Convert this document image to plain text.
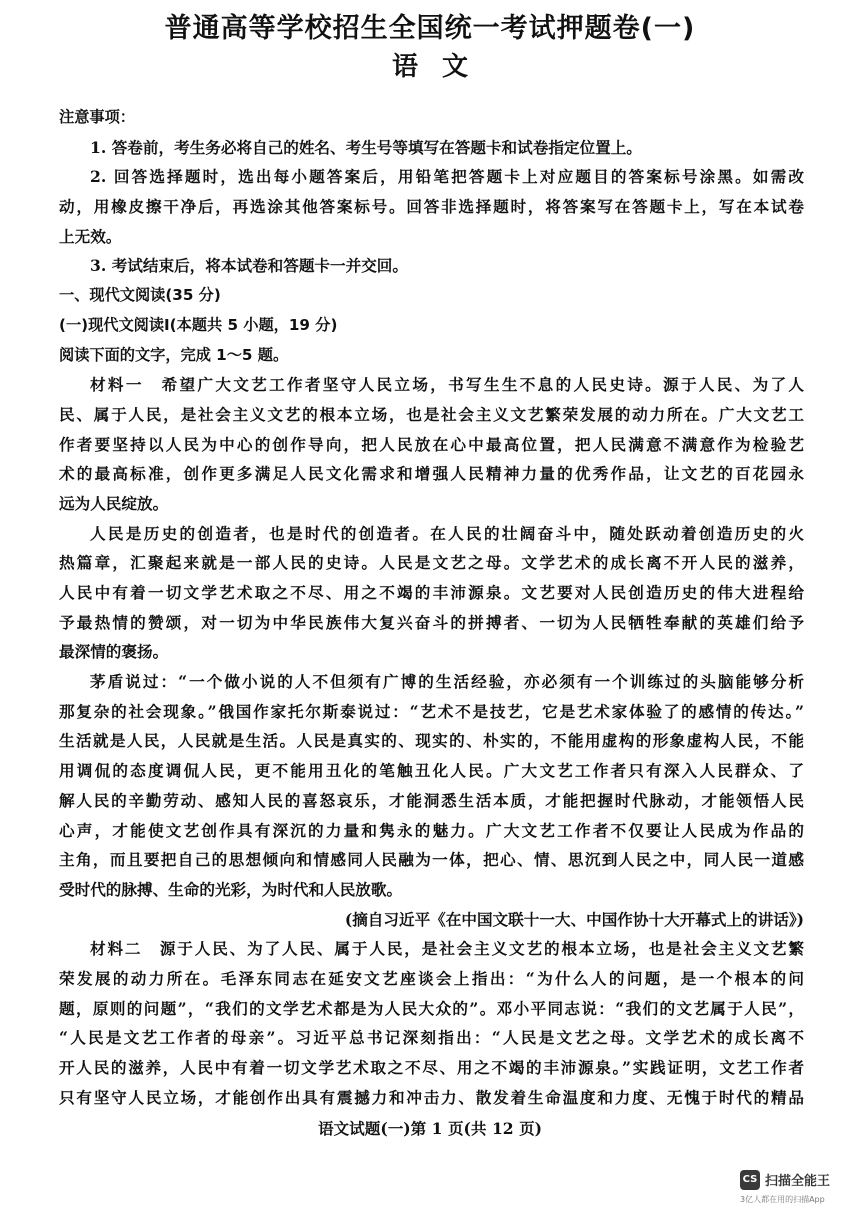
普通高等学校招生全国统一考试押题卷(一)
语文
注意事项：
1. 答卷前，考生务必将自己的姓名、考生号等填写在答题卡和试卷指定位置上。
2. 回答选择题时，选出每小题答案后，用铅笔把答题卡上对应题目的答案标号涂黑。如需改
动，用橡皮擦干净后，再选涂其他答案标号。回答非选择题时，将答案写在答题卡上，写在本试卷
上无效。
3. 考试结束后，将本试卷和答题卡一并交回。
一、现代文阅读(35 分)
(一)现代文阅读Ⅰ(本题共 5 小题，19 分)
阅读下面的文字，完成 1～5 题。
材料一　希望广大文艺工作者坚守人民立场，书写生生不息的人民史诗。源于人民、为了人
民、属于人民，是社会主义文艺的根本立场，也是社会主义文艺繁荣发展的动力所在。广大文艺工
作者要坚持以人民为中心的创作导向，把人民放在心中最高位置，把人民满意不满意作为检验艺
术的最高标准，创作更多满足人民文化需求和增强人民精神力量的优秀作品，让文艺的百花园永
远为人民绽放。
人民是历史的创造者，也是时代的创造者。在人民的壮阔奋斗中，随处跃动着创造历史的火
热篇章，汇聚起来就是一部人民的史诗。人民是文艺之母。文学艺术的成长离不开人民的滋养，
人民中有着一切文学艺术取之不尽、用之不竭的丰沛源泉。文艺要对人民创造历史的伟大进程给
予最热情的赞颂，对一切为中华民族伟大复兴奋斗的拼搏者、一切为人民牺牲奉献的英雄们给予
最深情的褒扬。
茅盾说过：“一个做小说的人不但须有广博的生活经验，亦必须有一个训练过的头脑能够分析
那复杂的社会现象。”俄国作家托尔斯泰说过：“艺术不是技艺，它是艺术家体验了的感情的传达。”
生活就是人民，人民就是生活。人民是真实的、现实的、朴实的，不能用虚构的形象虚构人民，不能
用调侃的态度调侃人民，更不能用丑化的笔触丑化人民。广大文艺工作者只有深入人民群众、了
解人民的辛勤劳动、感知人民的喜怒哀乐，才能洞悉生活本质，才能把握时代脉动，才能领悟人民
心声，才能使文艺创作具有深沉的力量和隽永的魅力。广大文艺工作者不仅要让人民成为作品的
主角，而且要把自己的思想倾向和情感同人民融为一体，把心、情、思沉到人民之中，同人民一道感
受时代的脉搏、生命的光彩，为时代和人民放歌。
(摘自习近平《在中国文联十一大、中国作协十大开幕式上的讲话》)
材料二　源于人民、为了人民、属于人民，是社会主义文艺的根本立场，也是社会主义文艺繁
荣发展的动力所在。毛泽东同志在延安文艺座谈会上指出：“为什么人的问题，是一个根本的问
题，原则的问题”，“我们的文学艺术都是为人民大众的”。邓小平同志说：“我们的文艺属于人民”，
“人民是文艺工作者的母亲”。习近平总书记深刻指出：“人民是文艺之母。文学艺术的成长离不
开人民的滋养，人民中有着一切文学艺术取之不尽、用之不竭的丰沛源泉。”实践证明，文艺工作者
只有坚守人民立场，才能创作出具有震撼力和冲击力、散发着生命温度和力度、无愧于时代的精品
语文试题(一)第 1 页(共 12 页)
CS 扫描全能王
3亿人都在用的扫描App
